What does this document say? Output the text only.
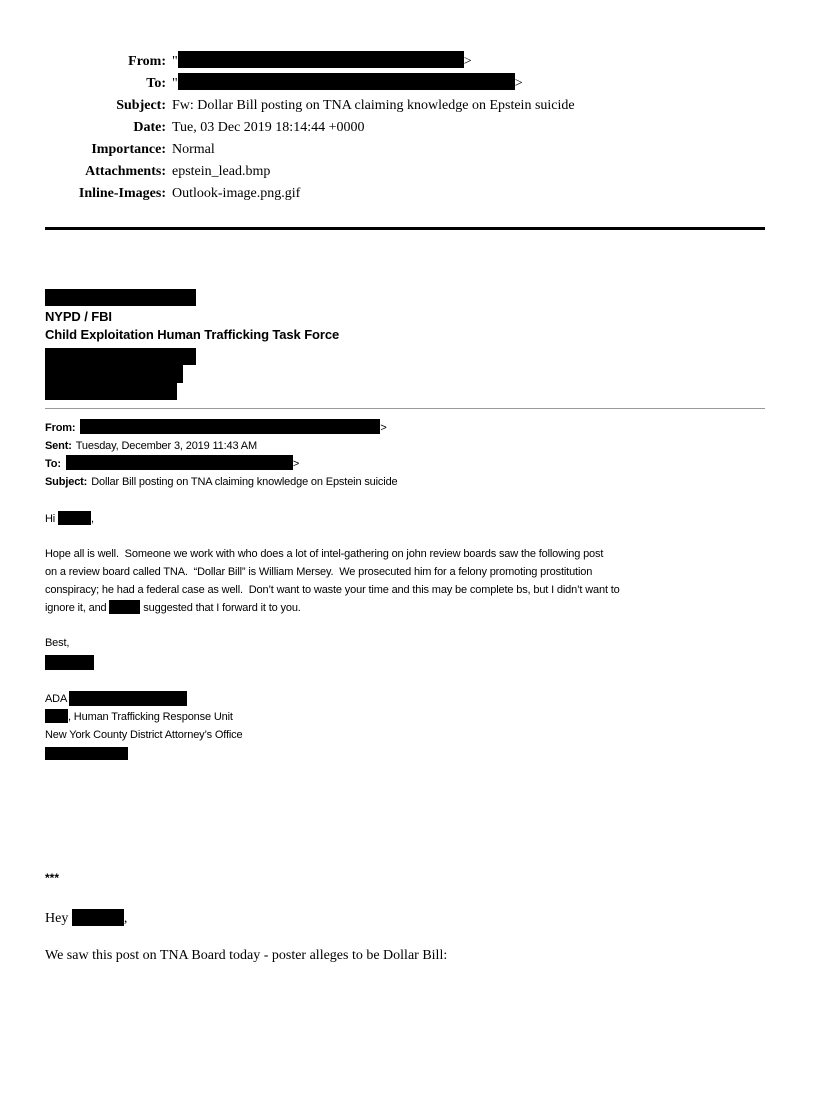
From: "	>
To: "	>
Subject: Fw: Dollar Bill posting on TNA claiming knowledge on Epstein suicide
Date: Tue, 03 Dec 2019 18:14:44 +0000
Importance: Normal
Attachments: epstein_lead.bmp
Inline-Images: Outlook-image.png.gif
NYPD / FBI
Child Exploitation Human Trafficking Task Force
From:	>
Sent: Tuesday, December 3, 2019 11:43 AM
To:	>
Subject: Dollar Bill posting on TNA claiming knowledge on Epstein suicide
Hi	,
Hope all is well.  Someone we work with who does a lot of intel-gathering on john review boards saw the following post
on a review board called TNA.  “Dollar Bill” is William Mersey.  We prosecuted him for a felony promoting prostitution
conspiracy; he had a federal case as well.  Don’t want to waste your time and this may be complete bs, but I didn’t want to
ignore it, and	suggested that I forward it to you.
Best,
ADA
, Human Trafficking Response Unit
New York County District Attorney’s Office
***
Hey	,
We saw this post on TNA Board today - poster alleges to be Dollar Bill:
